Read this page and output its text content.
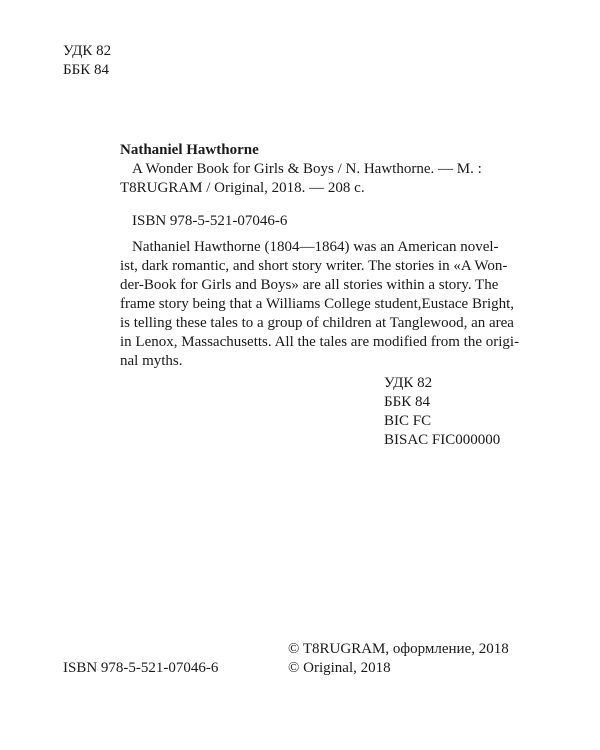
УДК 82
ББК 84
Nathaniel Hawthorne
A Wonder Book for Girls & Boys / N. Hawthorne. — М. :
T8RUGRAM / Original, 2018. — 208 с.
ISBN 978-5-521-07046-6
Nathaniel Hawthorne (1804—1864) was an American novel-
ist, dark romantic, and short story writer. The stories in «A Won-
der-Book for Girls and Boys» are all stories within a story. The
frame story being that a Williams College student,Eustace Bright,
is telling these tales to a group of children at Tanglewood, an area
in Lenox, Massachusetts. All the tales are modified from the origi-
nal myths.
УДК 82
ББК 84
BIC FC
BISAC FIC000000
ISBN 978-5-521-07046-6
© T8RUGRAM, оформление, 2018
© Original, 2018
